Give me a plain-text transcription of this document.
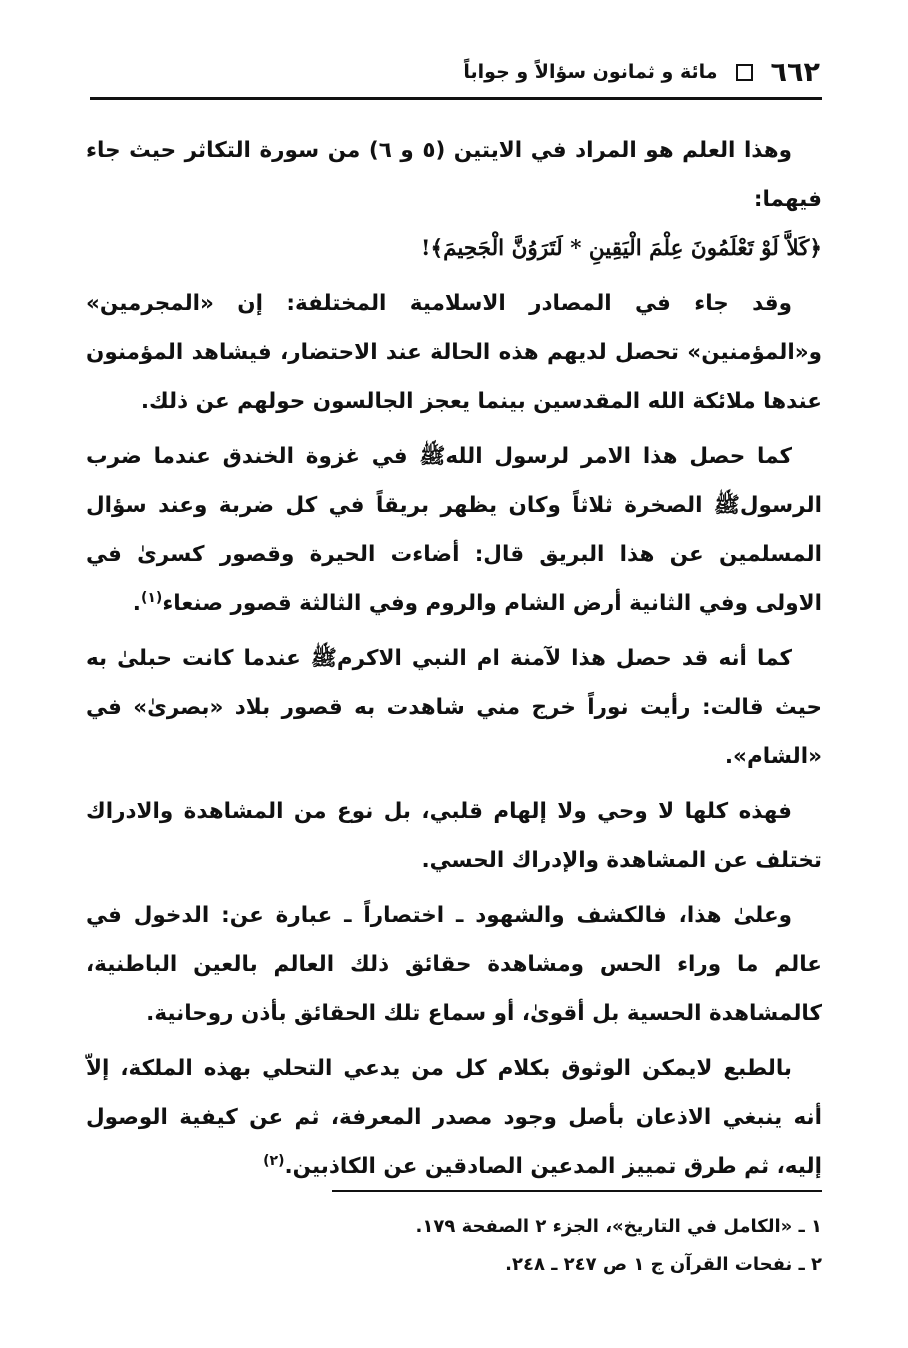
٦٦٢
مائة و ثمانون سؤالاً و جواباً

وهذا العلم هو المراد في الايتين (٥ و ٦) من سورة التكاثر حيث جاء فيهما:
﴿كَلاَّ لَوْ تَعْلَمُونَ عِلْمَ الْيَقِينِ * لَتَرَوُنَّ الْجَحِيمَ﴾!

وقد جاء في المصادر الاسلامية المختلفة: إن «المجرمين» و«المؤمنين» تحصل لديهم هذه الحالة عند الاحتضار، فيشاهد المؤمنون عندها ملائكة الله المقدسين بينما يعجز الجالسون حولهم عن ذلك.

كما حصل هذا الامر لرسول اللهﷺ في غزوة الخندق عندما ضرب الرسولﷺ الصخرة ثلاثاً وكان يظهر بريقاً في كل ضربة وعند سؤال المسلمين عن هذا البريق قال: أضاءت الحيرة وقصور كسرىٰ في الاولى وفي الثانية أرض الشام والروم وفي الثالثة قصور صنعاء$^{(١)}$.

كما أنه قد حصل هذا لآمنة ام النبي الاكرمﷺ عندما كانت حبلىٰ به حيث قالت: رأيت نوراً خرج مني شاهدت به قصور بلاد «بصرىٰ» في «الشام».

فهذه كلها لا وحي ولا إلهام قلبي، بل نوع من المشاهدة والادراك تختلف عن المشاهدة والإدراك الحسي.

وعلىٰ هذا، فالكشف والشهود ـ اختصاراً ـ عبارة عن: الدخول في عالم ما وراء الحس ومشاهدة حقائق ذلك العالم بالعين الباطنية، كالمشاهدة الحسية بل أقوىٰ، أو سماع تلك الحقائق بأذن روحانية.

بالطبع لايمكن الوثوق بكلام كل من يدعي التحلي بهذه الملكة، إلاّ أنه ينبغي الاذعان بأصل وجود مصدر المعرفة، ثم عن كيفية الوصول إليه، ثم طرق تمييز المدعين الصادقين عن الكاذبين.$^{(٢)}$

١ ـ «الكامل في التاريخ»، الجزء ٢ الصفحة ١٧٩.

٢ ـ نفحات القرآن ج ١ ص ٢٤٧ ـ ٢٤٨.
